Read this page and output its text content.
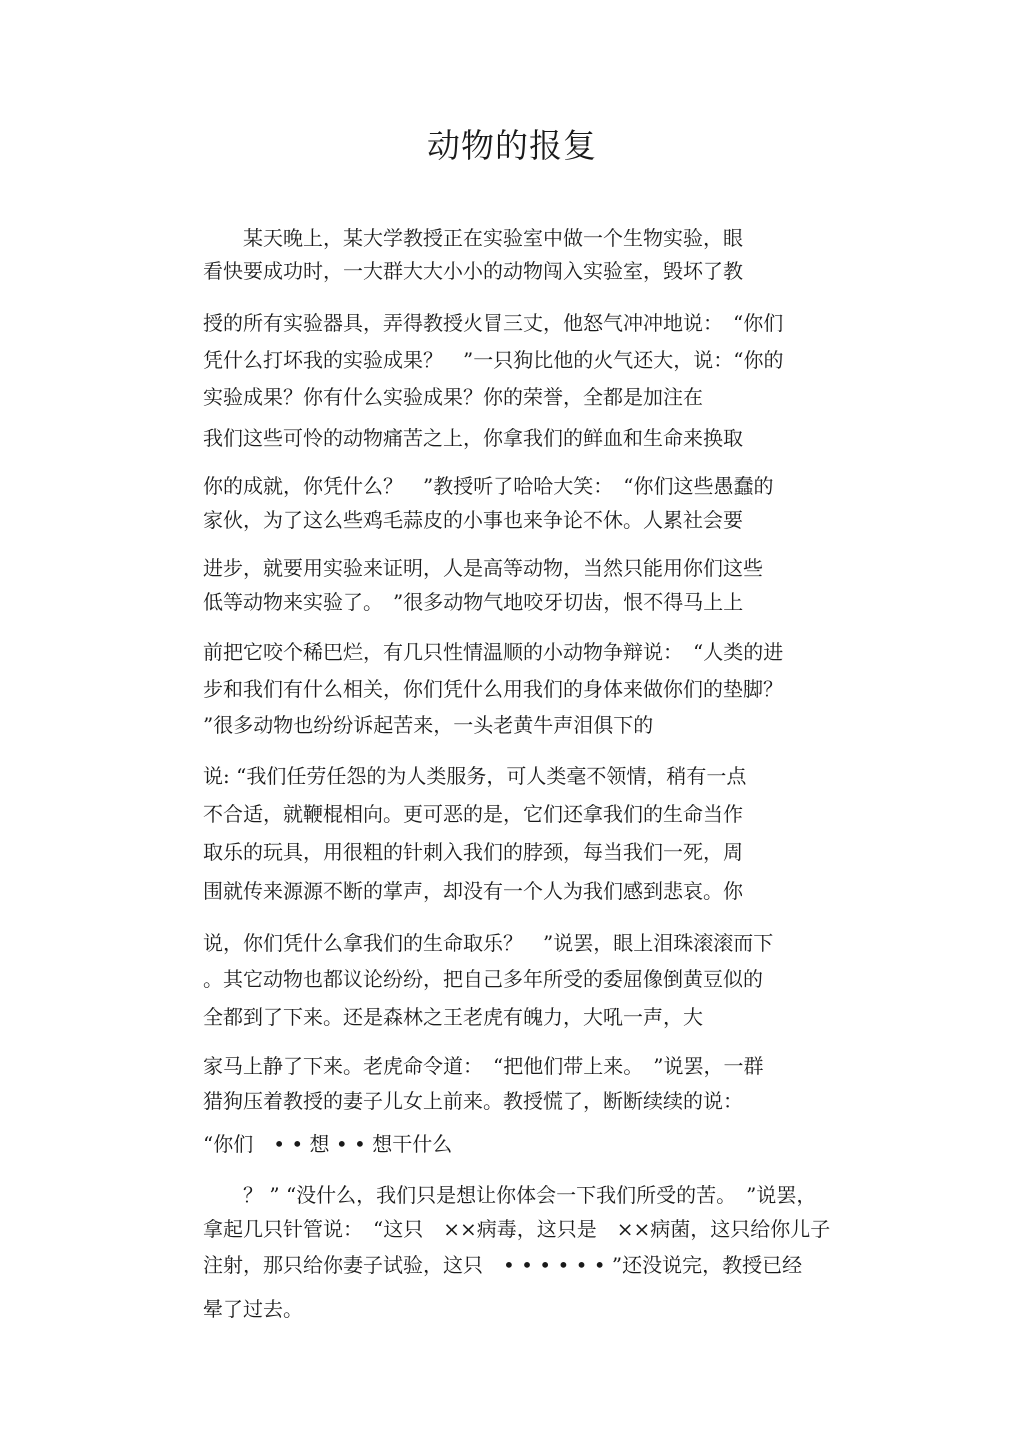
动物的报复
　　某天晚上，某大学教授正在实验室中做一个生物实验，眼
看快要成功时，一大群大大小小的动物闯入实验室，毁坏了教
授的所有实验器具，弄得教授火冒三丈，他怒气冲冲地说：　“你们
凭什么打坏我的实验成果？　”一只狗比他的火气还大，说：“你的
实验成果？你有什么实验成果？你的荣誉，全都是加注在
我们这些可怜的动物痛苦之上，你拿我们的鲜血和生命来换取
你的成就，你凭什么？　”教授听了哈哈大笑：　“你们这些愚蠢的
家伙，为了这么些鸡毛蒜皮的小事也来争论不休。人累社会要
进步，就要用实验来证明，人是高等动物，当然只能用你们这些
低等动物来实验了。　”很多动物气地咬牙切齿，恨不得马上上
前把它咬个稀巴烂，有几只性情温顺的小动物争辩说：　“人类的进
步和我们有什么相关，你们凭什么用我们的身体来做你们的垫脚？
”很多动物也纷纷诉起苦来，一头老黄牛声泪俱下的
说: “我们任劳任怨的为人类服务，可人类毫不领情，稍有一点
不合适，就鞭棍相向。更可恶的是，它们还拿我们的生命当作
取乐的玩具，用很粗的针刺入我们的脖颈，每当我们一死，周
围就传来源源不断的掌声，却没有一个人为我们感到悲哀。你
说，你们凭什么拿我们的生命取乐？　”说罢，眼上泪珠滚滚而下
。其它动物也都议论纷纷，把自己多年所受的委屈像倒黄豆似的
全都到了下来。还是森林之王老虎有魄力，大吼一声，大
家马上静了下来。老虎命令道：　“把他们带上来。　”说罢，一群
猎狗压着教授的妻子儿女上前来。教授慌了，断断续续的说：
“你们　• • 想 • • 想干什么
　　？ ” “没什么，我们只是想让你体会一下我们所受的苦。　”说罢，
拿起几只针管说：　“这只　××病毒，这只是　××病菌，这只给你儿子
注射，那只给你妻子试验，这只　• • • • • • ”还没说完，教授已经
晕了过去。
